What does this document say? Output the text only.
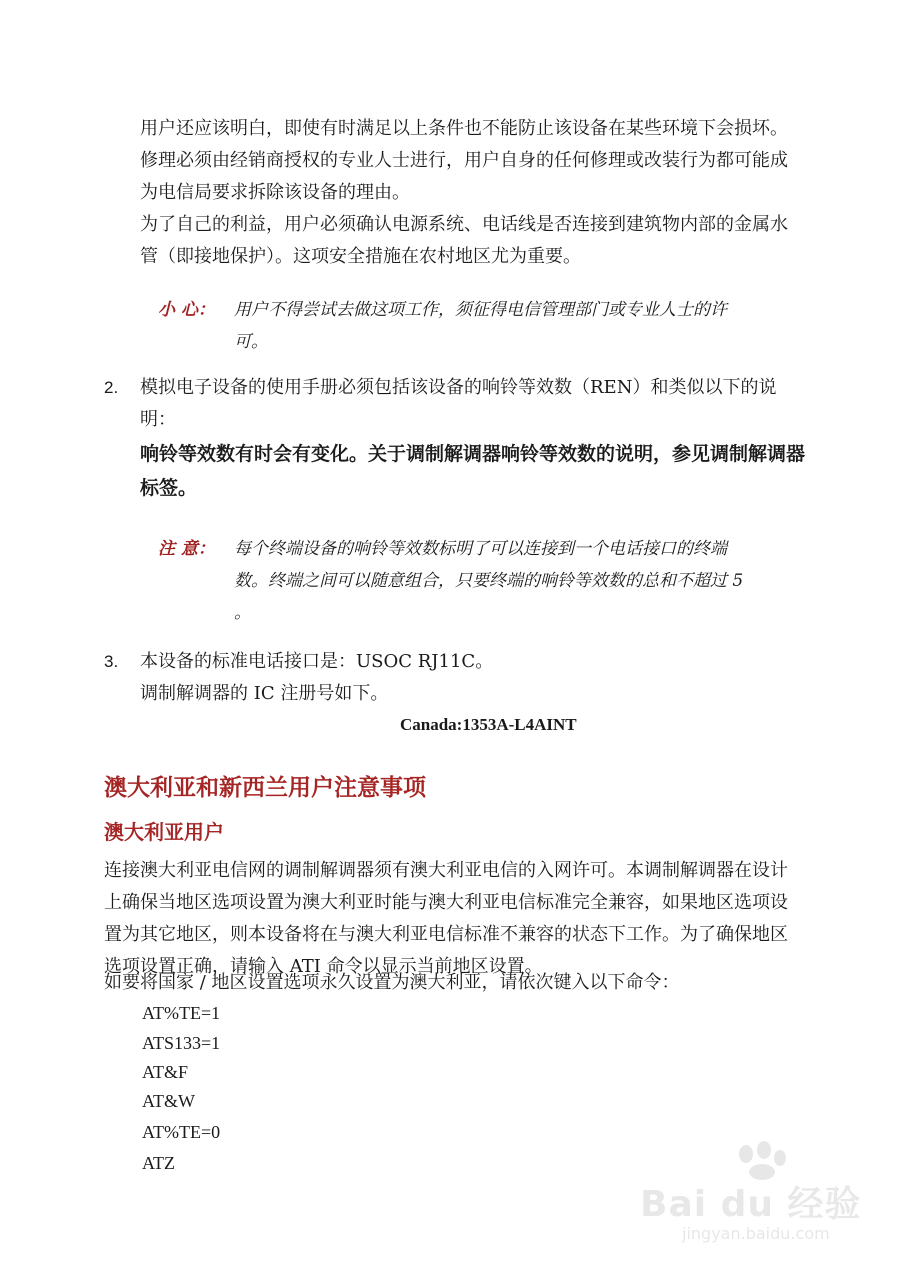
用户还应该明白，即使有时满足以上条件也不能防止该设备在某些环境下会损坏。修理必须由经销商授权的专业人士进行，用户自身的任何修理或改装行为都可能成为电信局要求拆除该设备的理由。

为了自己的利益，用户必须确认电源系统、电话线是否连接到建筑物内部的金属水管（即接地保护）。这项安全措施在农村地区尤为重要。

小 心： 用户不得尝试去做这项工作，须征得电信管理部门或专业人士的许可。
2. 模拟电子设备的使用手册必须包括该设备的响铃等效数（REN）和类似以下的说明：

响铃等效数有时会有变化。关于调制解调器响铃等效数的说明，参见调制解调器标签。
注 意： 每个终端设备的响铃等效数标明了可以连接到一个电话接口的终端数。终端之间可以随意组合，只要终端的响铃等效数的总和不超过 5 。
3. 本设备的标准电话接口是：USOC RJ11C。

调制解调器的 IC 注册号如下。

Canada:1353A-L4AINT
澳大利亚和新西兰用户注意事项
澳大利亚用户

连接澳大利亚电信网的调制解调器须有澳大利亚电信的入网许可。本调制解调器在设计上确保当地区选项设置为澳大利亚时能与澳大利亚电信标准完全兼容，如果地区选项设置为其它地区，则本设备将在与澳大利亚电信标准不兼容的状态下工作。为了确保地区选项设置正确，请输入 ATI 命令以显示当前地区设置。

如要将国家 / 地区设置选项永久设置为澳大利亚，请依次键入以下命令：

AT%TE=1
ATS133=1
AT&F
AT&W
AT%TE=0
ATZ
Bai du 经验
jingyan.baidu.com
